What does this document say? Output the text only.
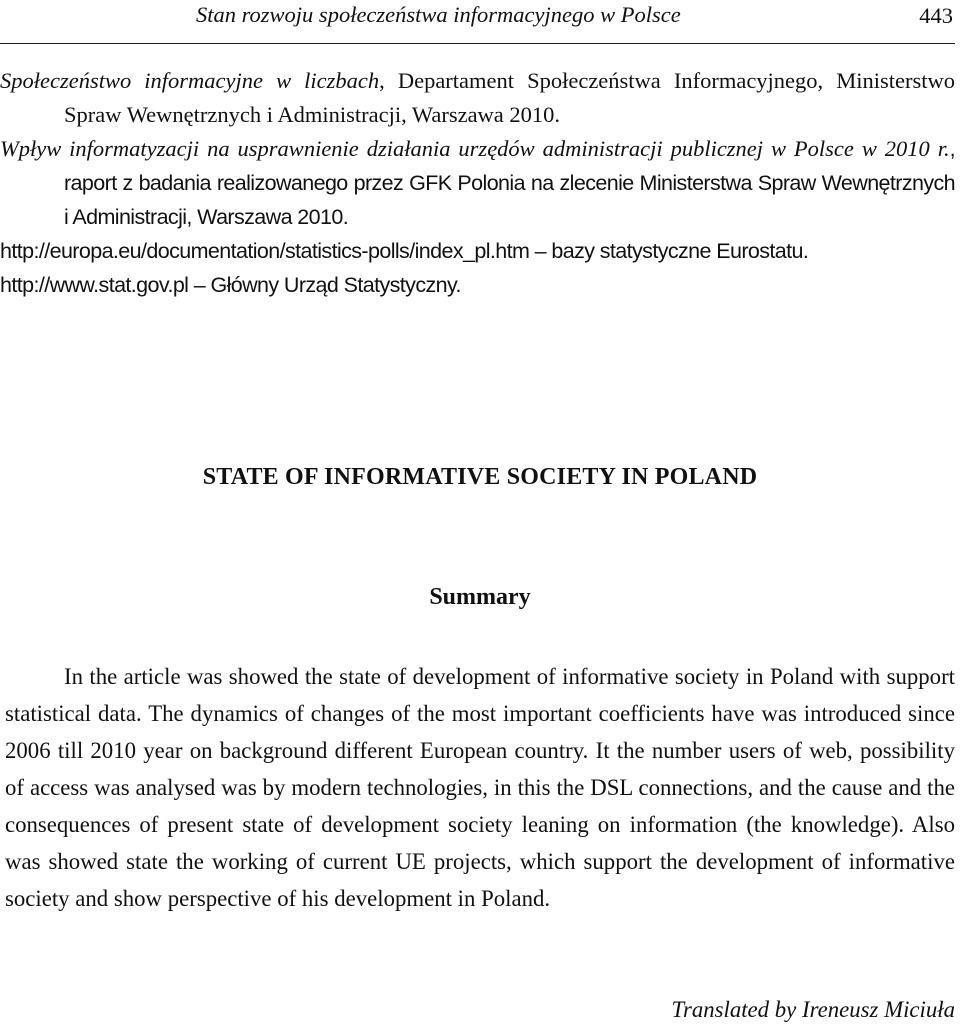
Stan rozwoju społeczeństwa informacyjnego w Polsce	443

Społeczeństwo informacyjne w liczbach, Departament Społeczeństwa Informacyjnego, Ministerstwo Spraw Wewnętrznych i Administracji, Warszawa 2010.

Wpływ informatyzacji na usprawnienie działania urzędów administracji publicznej w Polsce w 2010 r., raport z badania realizowanego przez GFK Polonia na zlecenie Ministerstwa Spraw Wewnętrznych i Administracji, Warszawa 2010.

http://europa.eu/documentation/statistics-polls/index_pl.htm – bazy statystyczne Eurostatu.

http://www.stat.gov.pl – Główny Urząd Statystyczny.

STATE OF INFORMATIVE SOCIETY IN POLAND
Summary

In the article was showed the state of development of informative society in Poland with support statistical data. The dynamics of changes of the most important coefficients have was introduced since 2006 till 2010 year on background different European country. It the number users of web, possibility of access was analysed was by modern technologies, in this the DSL connections, and the cause and the consequences of present state of development society leaning on information (the knowledge). Also was showed state the working of current UE projects, which support the development of informative society and show perspective of his development in Poland.

Translated by Ireneusz Miciuła
